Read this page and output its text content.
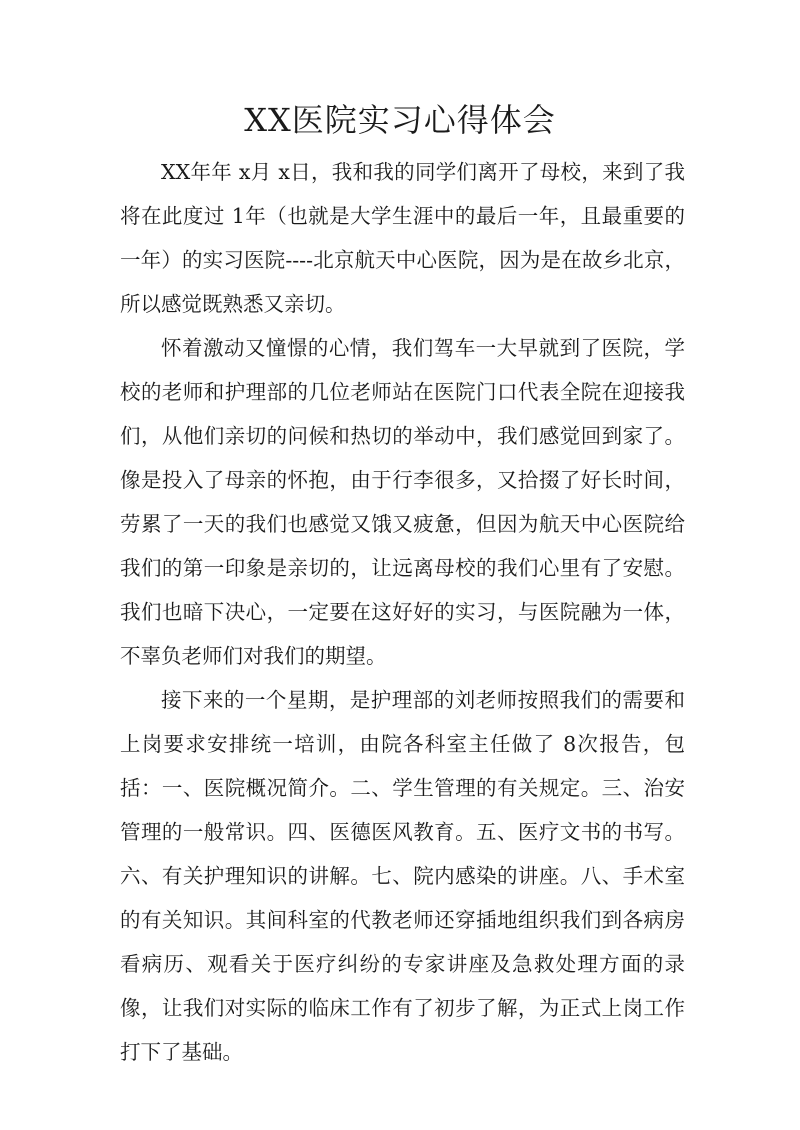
XX医院实习心得体会

XX年年 x月 x日，我和我的同学们离开了母校，来到了我将在此度过 1年（也就是大学生涯中的最后一年，且最重要的一年）的实习医院----北京航天中心医院，因为是在故乡北京，所以感觉既熟悉又亲切。

怀着激动又憧憬的心情，我们驾车一大早就到了医院，学校的老师和护理部的几位老师站在医院门口代表全院在迎接我们，从他们亲切的问候和热切的举动中，我们感觉回到家了。像是投入了母亲的怀抱，由于行李很多，又拾掇了好长时间，劳累了一天的我们也感觉又饿又疲惫，但因为航天中心医院给我们的第一印象是亲切的，让远离母校的我们心里有了安慰。我们也暗下决心，一定要在这好好的实习，与医院融为一体，不辜负老师们对我们的期望。

接下来的一个星期，是护理部的刘老师按照我们的需要和上岗要求安排统一培训，由院各科室主任做了 8次报告，包括：一、医院概况简介。二、学生管理的有关规定。三、治安管理的一般常识。四、医德医风教育。五、医疗文书的书写。六、有关护理知识的讲解。七、院内感染的讲座。八、手术室的有关知识。其间科室的代教老师还穿插地组织我们到各病房看病历、观看关于医疗纠纷的专家讲座及急救处理方面的录像，让我们对实际的临床工作有了初步了解，为正式上岗工作打下了基础。
